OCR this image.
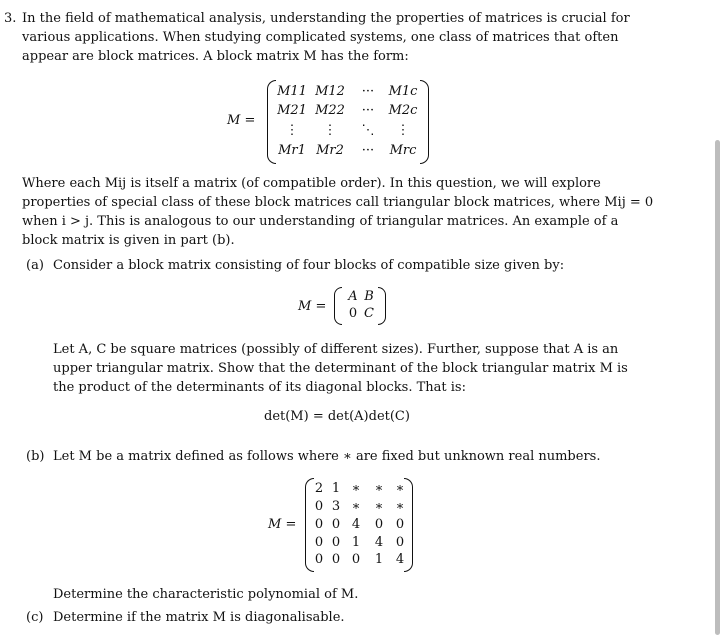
3. In the field of mathematical analysis, understanding the properties of matrices is crucial for
various applications. When studying complicated systems, one class of matrices that often
appear are block matrices. A block matrix M has the form:
M =
M11 M12	···	M1c
M21 M22	···	M2c
⋮	⋮	⋱	⋮
Mr1 Mr2	···	Mrc
Where each Mij is itself a matrix (of compatible order). In this question, we will explore
properties of special class of these block matrices call triangular block matrices, where Mij = 0
when i > j. This is analogous to our understanding of triangular matrices. An example of a
block matrix is given in part (b).
(a) Consider a block matrix consisting of four blocks of compatible size given by:
M =
A B
0 C
Let A, C be square matrices (possibly of different sizes). Further, suppose that A is an
upper triangular matrix. Show that the determinant of the block triangular matrix M is
the product of the determinants of its diagonal blocks. That is:
det(M) = det(A)det(C)
(b) Let M be a matrix defined as follows where ∗ are fixed but unknown real numbers.
M =
2 1 ∗ ∗ ∗
0 3 ∗ ∗ ∗
0 0 4 0 0
0 0 1 4 0
0 0 0 1 4
Determine the characteristic polynomial of M.
(c) Determine if the matrix M is diagonalisable.
